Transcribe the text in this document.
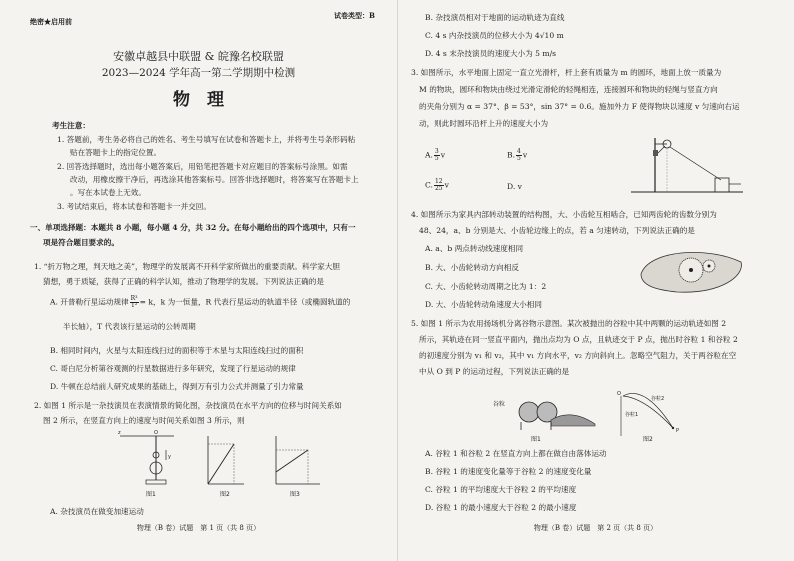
绝密★启用前
试卷类型：B
安徽卓越县中联盟 & 皖豫名校联盟
2023—2024 学年高一第二学期期中检测
物　理
考生注意：
1. 答题前，考生务必将自己的姓名、考生号填写在试卷和答题卡上，并将考生号条形码粘
贴在答题卡上的指定位置。
2. 回答选择题时，选出每小题答案后，用铅笔把答题卡对应题目的答案标号涂黑。如需
改动，用橡皮擦干净后，再选涂其他答案标号。回答非选择题时，将答案写在答题卡上
。写在本试卷上无效。
3. 考试结束后，将本试卷和答题卡一并交回。
一、单项选择题：本题共 8 小题，每小题 4 分，共 32 分。在每小题给出的四个选项中，只有一
项是符合题目要求的。
1. “折万物之理，判天地之美”，物理学的发展离不开科学家所做出的重要贡献。科学家大胆
猜想，勇于质疑，获得了正确的科学认知，推动了物理学的发展。下列说法正确的是
A. 开普勒行星运动规律 $\frac{\text{R³}}{\text{T²}} = k$，k 为一恒量，R 代表行星运动的轨道半径（或椭圆轨道的
半长轴），T 代表该行星运动的公转周期
B. 相同时间内，火星与太阳连线扫过的面积等于木星与太阳连线扫过的面积
C. 哥白尼分析第谷观测的行星数据进行多年研究，发现了行星运动的规律
D. 牛顿在总结前人研究成果的基础上，得到万有引力公式并测量了引力常量
2. 如图 1 所示是一杂技演员在表演情景的简化图，杂技演员在水平方向的位移与时间关系如
图 2 所示，在竖直方向上的速度与时间关系如图 3 所示，则
z	O
y
图1	图2	图3
A. 杂技演员在做变加速运动
物理（B 卷）试题　第 1 页（共 8 页）
B. 杂技演员相对于地面的运动轨迹为直线
C. 4 s 内杂技演员的位移大小为 4√10 m
D. 4 s 末杂技演员的速度大小为 5 m/s
3. 如图所示，水平地面上固定一直立光滑杆，杆上套有质量为 m 的圆环，地面上放一质量为
M 的物块，圆环和物块由绕过光滑定滑轮的轻绳相连，连接圆环和物块的轻绳与竖直方向
的夹角分别为 α = 37°、β = 53°，sin 37° = 0.6。施加外力 F 使得物块以速度 v 匀速向右运
动，则此时圆环沿杆上升的速度大小为
A. $\frac{3}{5}$ v	B. $\frac{4}{5}$ v
C. $\frac{12}{25}$ v	D. v
4. 如图所示为家具内部转动装置的结构图，大、小齿轮互相啮合，已知两齿轮的齿数分别为
48、24，a、b 分别是大、小齿轮边缘上的点，若 a 匀速转动，下列说法正确的是
A. a、b 两点转动线速度相同
B. 大、小齿轮转动方向相反
C. 大、小齿轮转动周期之比为 1：2
D. 大、小齿轮转动角速度大小相同
5. 如图 1 所示为农用扬场机分离谷物示意图。某次被抛出的谷粒中其中两颗的运动轨迹如图 2
所示，其轨迹在同一竖直平面内，抛出点均为 O 点，且轨迹交于 P 点，抛出时谷粒 1 和谷粒 2
的初速度分别为 v₁ 和 v₂，其中 v₁ 方向水平，v₂ 方向斜向上。忽略空气阻力，关于两谷粒在空
中从 O 到 P 的运动过程，下列说法正确的是
谷粒
图1
O
P
谷粒1
谷粒2
图2
A. 谷粒 1 和谷粒 2 在竖直方向上都在做自由落体运动
B. 谷粒 1 的速度变化量等于谷粒 2 的速度变化量
C. 谷粒 1 的平均速度大于谷粒 2 的平均速度
D. 谷粒 1 的最小速度大于谷粒 2 的最小速度
物理（B 卷）试题　第 2 页（共 8 页）
